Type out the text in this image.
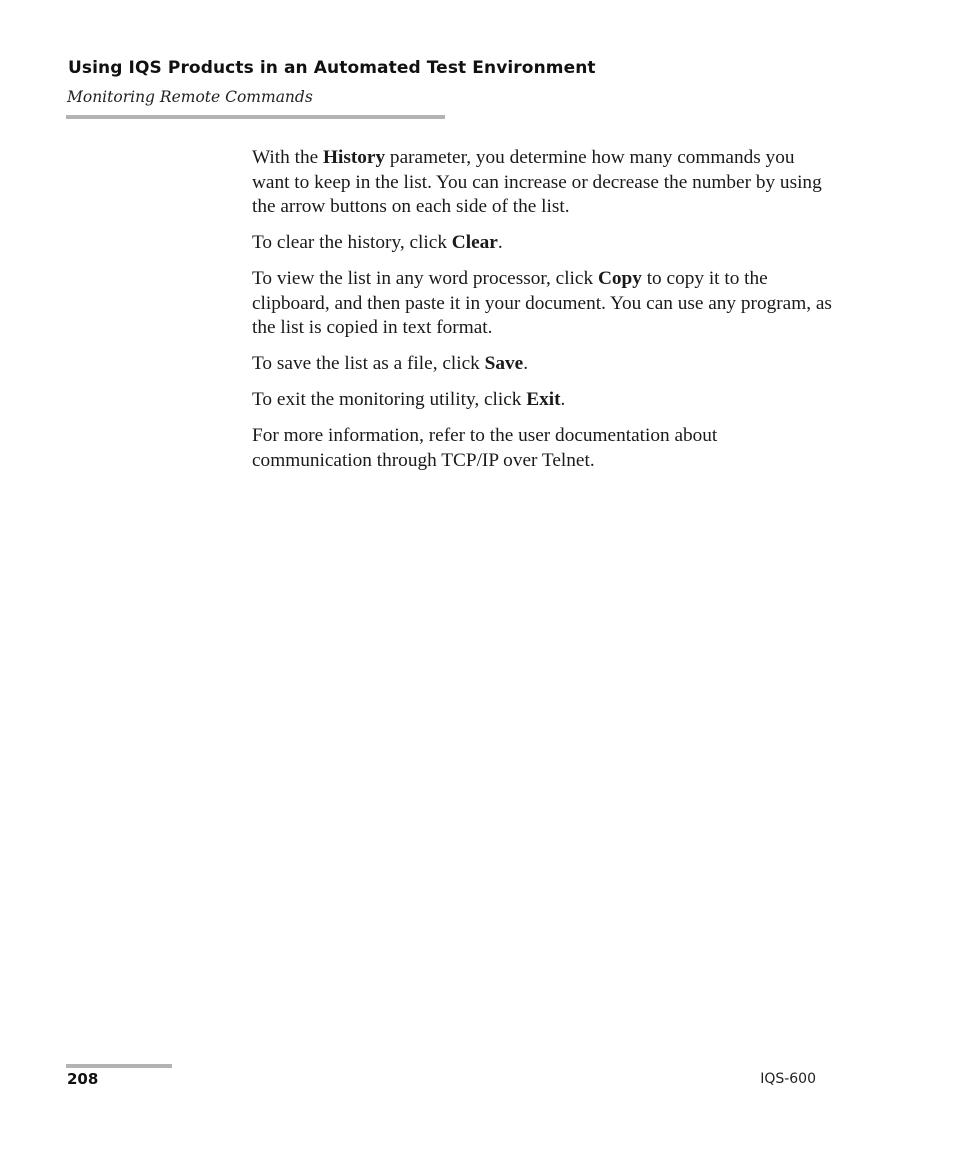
Using IQS Products in an Automated Test Environment
Monitoring Remote Commands

With the History parameter, you determine how many commands you want to keep in the list. You can increase or decrease the number by using the arrow buttons on each side of the list.

To clear the history, click Clear.

To view the list in any word processor, click Copy to copy it to the clipboard, and then paste it in your document. You can use any program, as the list is copied in text format.

To save the list as a file, click Save.

To exit the monitoring utility, click Exit.

For more information, refer to the user documentation about communication through TCP/IP over Telnet.

208	IQS-600
